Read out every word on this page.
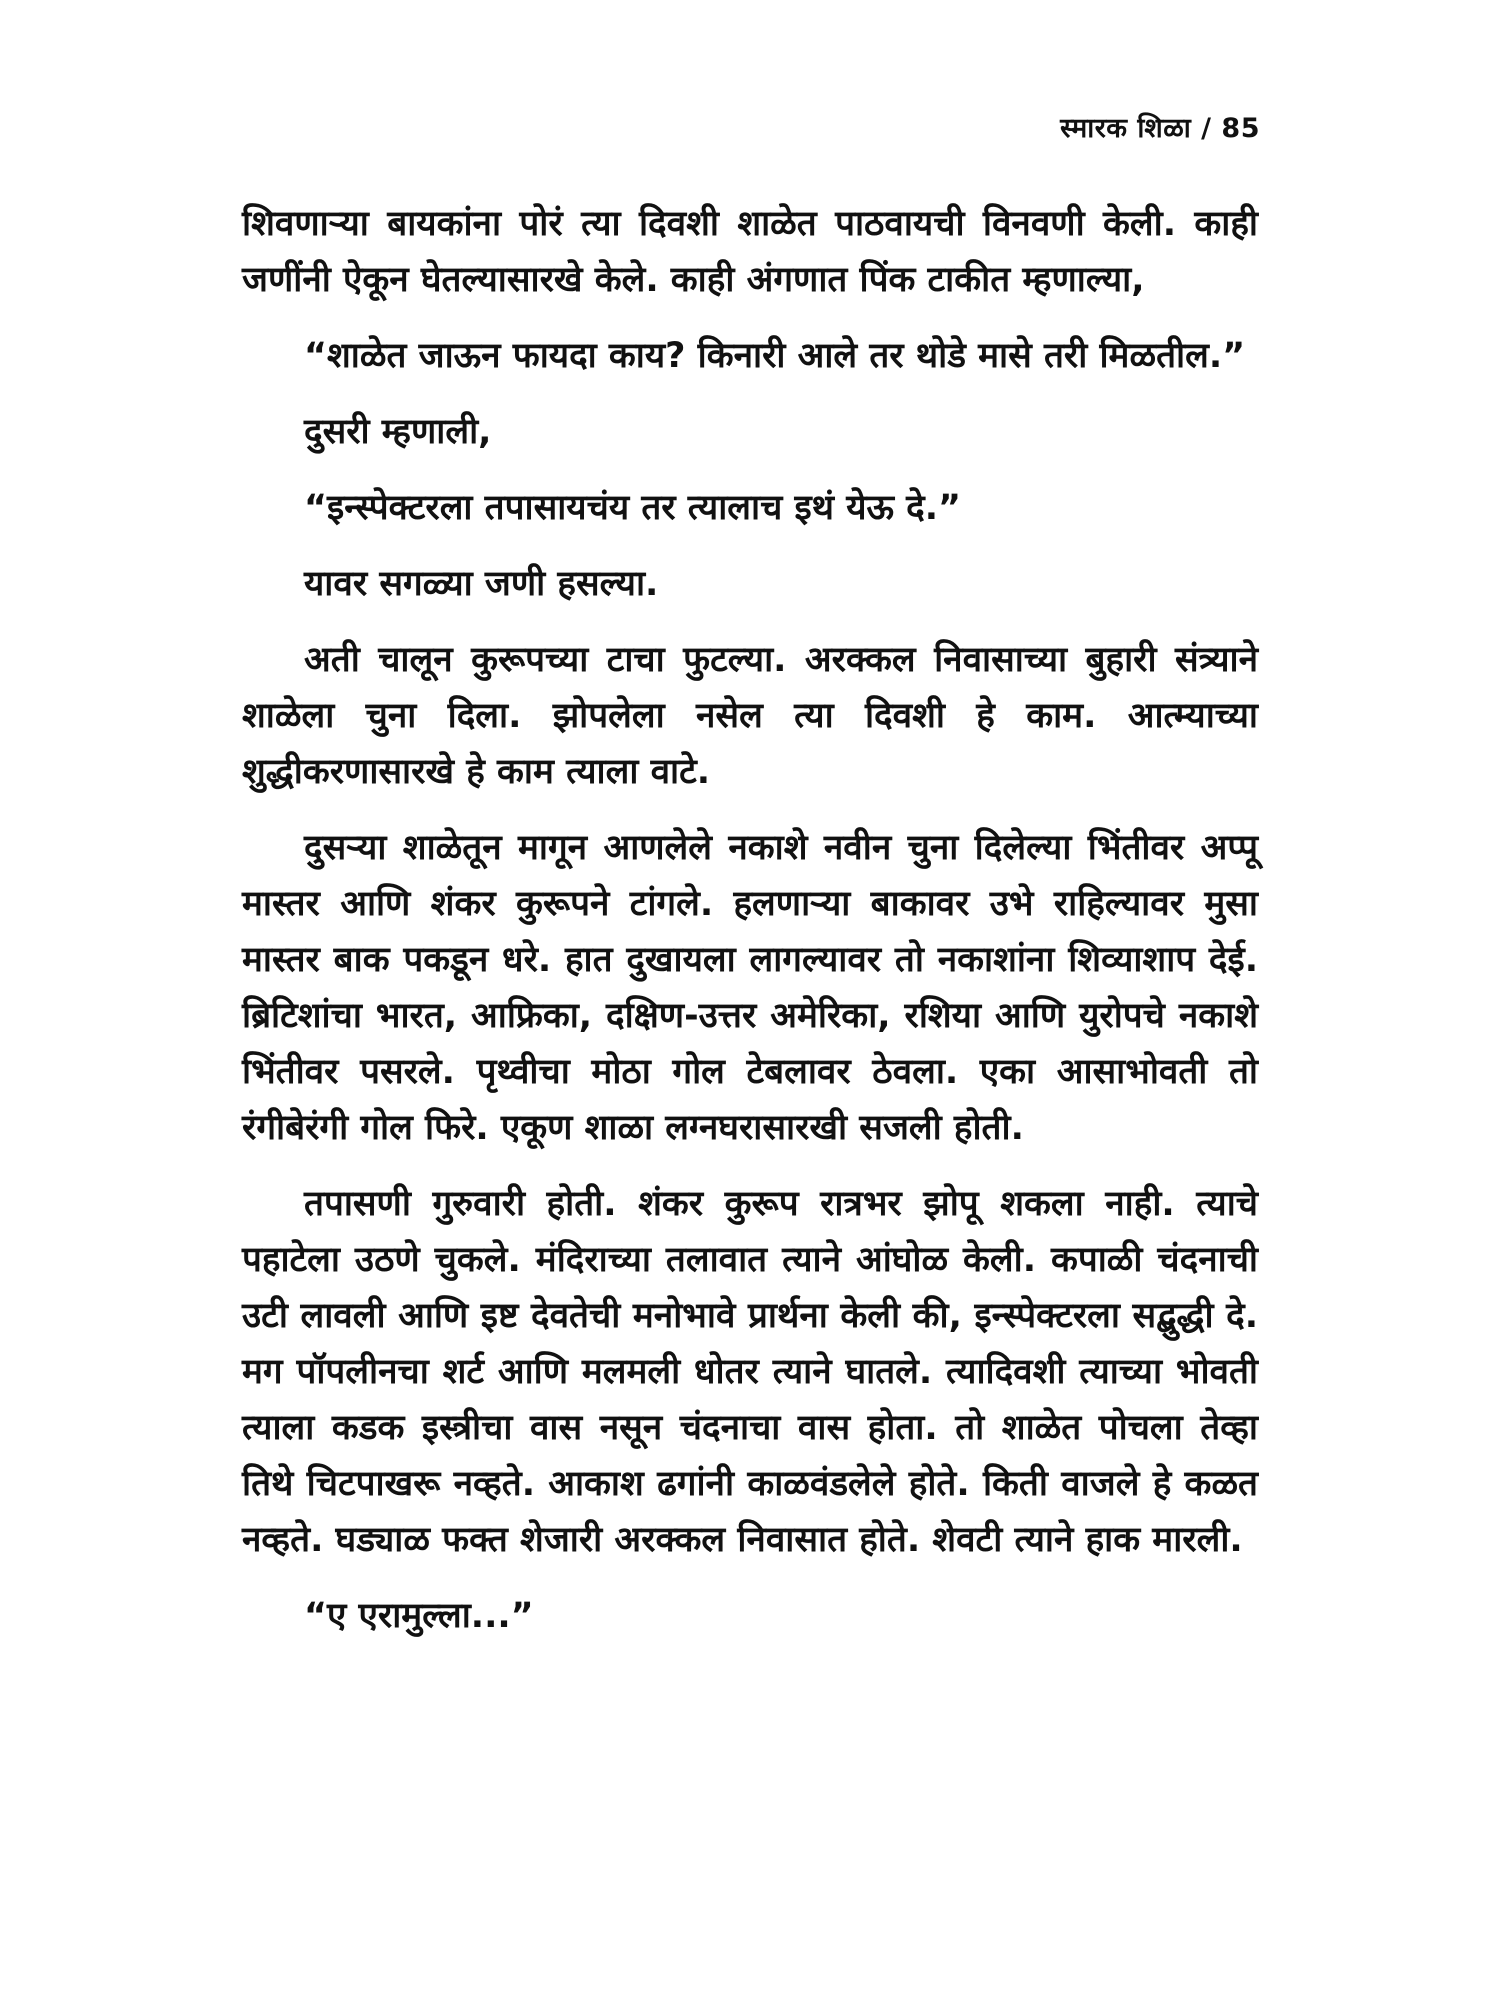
स्मारक शिळा / 85

शिवणाऱ्या बायकांना पोरं त्या दिवशी शाळेत पाठवायची विनवणी केली. काही जणींनी ऐकून घेतल्यासारखे केले. काही अंगणात पिंक टाकीत म्हणाल्या,

“शाळेत जाऊन फायदा काय? किनारी आले तर थोडे मासे तरी मिळतील.”

दुसरी म्हणाली,

“इन्स्पेक्टरला तपासायचंय तर त्यालाच इथं येऊ दे.”

यावर सगळ्या जणी हसल्या.

अती चालून कुरूपच्या टाचा फुटल्या. अरक्कल निवासाच्या बुहारी संत्र्याने शाळेला चुना दिला. झोपलेला नसेल त्या दिवशी हे काम. आत्म्याच्या शुद्धीकरणासारखे हे काम त्याला वाटे.

दुसऱ्या शाळेतून मागून आणलेले नकाशे नवीन चुना दिलेल्या भिंतीवर अप्पू मास्तर आणि शंकर कुरूपने टांगले. हलणाऱ्या बाकावर उभे राहिल्यावर मुसा मास्तर बाक पकडून धरे. हात दुखायला लागल्यावर तो नकाशांना शिव्याशाप देई. ब्रिटिशांचा भारत, आफ्रिका, दक्षिण-उत्तर अमेरिका, रशिया आणि युरोपचे नकाशे भिंतीवर पसरले. पृथ्वीचा मोठा गोल टेबलावर ठेवला. एका आसाभोवती तो रंगीबेरंगी गोल फिरे. एकूण शाळा लग्नघरासारखी सजली होती.

तपासणी गुरुवारी होती. शंकर कुरूप रात्रभर झोपू शकला नाही. त्याचे पहाटेला उठणे चुकले. मंदिराच्या तलावात त्याने आंघोळ केली. कपाळी चंदनाची उटी लावली आणि इष्ट देवतेची मनोभावे प्रार्थना केली की, इन्स्पेक्टरला सद्बुद्धी दे. मग पॉपलीनचा शर्ट आणि मलमली धोतर त्याने घातले. त्यादिवशी त्याच्या भोवती त्याला कडक इस्त्रीचा वास नसून चंदनाचा वास होता. तो शाळेत पोचला तेव्हा तिथे चिटपाखरू नव्हते. आकाश ढगांनी काळवंडलेले होते. किती वाजले हे कळत नव्हते. घड्याळ फक्त शेजारी अरक्कल निवासात होते. शेवटी त्याने हाक मारली.

“ए एरामुल्ला...”
